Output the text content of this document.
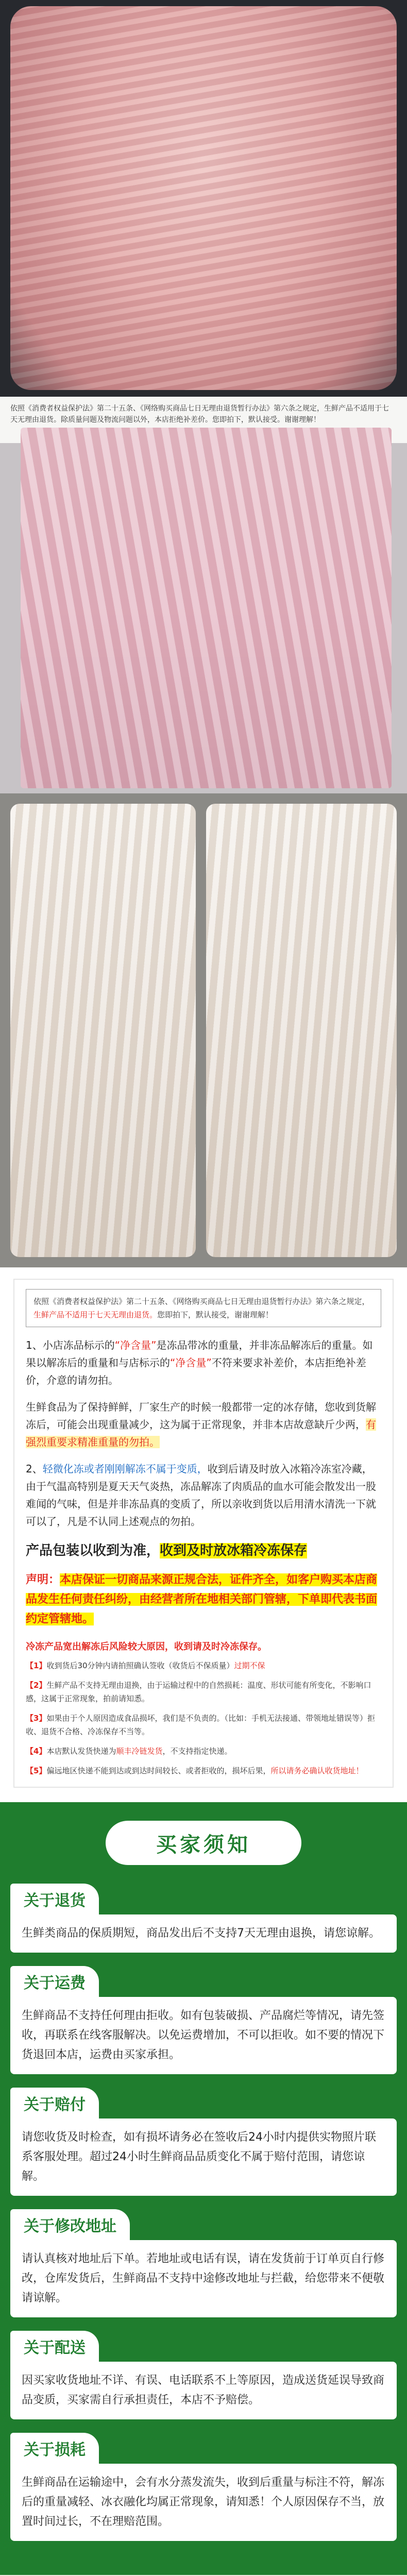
依照《消费者权益保护法》第二十五条、《网络购买商品七日无理由退货暂行办法》第六条之规定，生鲜产品不适用于七天无理由退货。除质量问题及物流问题以外，本店拒绝补差价。您即拍下，默认接受。谢谢理解！
依照《消费者权益保护法》第二十五条、《网络购买商品七日无理由退货暂行办法》第六条之规定，生鲜产品不适用于七天无理由退货。您即拍下，默认接受，谢谢理解！
1、小店冻品标示的“净含量”是冻品带冰的重量，并非冻品解冻后的重量。如果以解冻后的重量和与店标示的“净含量”不符来要求补差价，本店拒绝补差价，介意的请勿拍。
生鲜食品为了保持鲜鲜，厂家生产的时候一般都带一定的冰存储，您收到货解冻后，可能会出现重量减少，这为属于正常现象，并非本店故意缺斤少两，有强烈重要求精准重量的勿拍。
2、轻微化冻或者刚刚解冻不属于变质，收到后请及时放入冰箱冷冻室冷藏，由于气温高特别是夏天天气炎热，冻品解冻了肉质品的血水可能会散发出一股难闻的气味，但是并非冻品真的变质了，所以亲收到货以后用清水清洗一下就可以了，凡是不认同上述观点的勿拍。
产品包装以收到为准，收到及时放冰箱冷冻保存
声明：本店保证一切商品来源正规合法，证件齐全，如客户购买本店商品发生任何责任纠纷，由经营者所在地相关部门管辖，下单即代表书面约定管辖地。
冷冻产品宽出解冻后风险较大原因，收到请及时冷冻保存。
【1】收到货后30分钟内请拍照确认签收（收货后不保质量）过期不保
【2】生鲜产品不支持无理由退换，由于运输过程中的自然损耗：温度、形状可能有所变化，不影响口感，这属于正常现象，拍前请知悉。
【3】如果由于个人原因造成食品损坏，我们是不负责的。（比如：手机无法接通、带领地址错误等）拒收、退货不合格、冷冻保存不当等。
【4】本店默认发货快递为顺丰冷链发货，不支持指定快递。
【5】偏远地区快递不能到达或到达时间较长、或者拒收的，损坏后果，所以请务必确认收货地址！
买家须知
关于退货
生鲜类商品的保质期短，商品发出后不支持7天无理由退换，请您谅解。
关于运费
生鲜商品不支持任何理由拒收。如有包装破损、产品腐烂等情况，请先签收，再联系在线客服解决。以免运费增加，不可以拒收。如不要的情况下货退回本店，运费由买家承担。
关于赔付
请您收货及时检查，如有损坏请务必在签收后24小时内提供实物照片联系客服处理。超过24小时生鲜商品品质变化不属于赔付范围，请您谅解。
关于修改地址
请认真核对地址后下单。若地址或电话有误，请在发货前于订单页自行修改，仓库发货后，生鲜商品不支持中途修改地址与拦截，给您带来不便敬请谅解。
关于配送
因买家收货地址不详、有误、电话联系不上等原因，造成送货延误导致商品变质，买家需自行承担责任，本店不予赔偿。
关于损耗
生鲜商品在运输途中，会有水分蒸发流失，收到后重量与标注不符，解冻后的重量减轻、冰衣融化均属正常现象，请知悉！个人原因保存不当，放置时间过长，不在理赔范围。
